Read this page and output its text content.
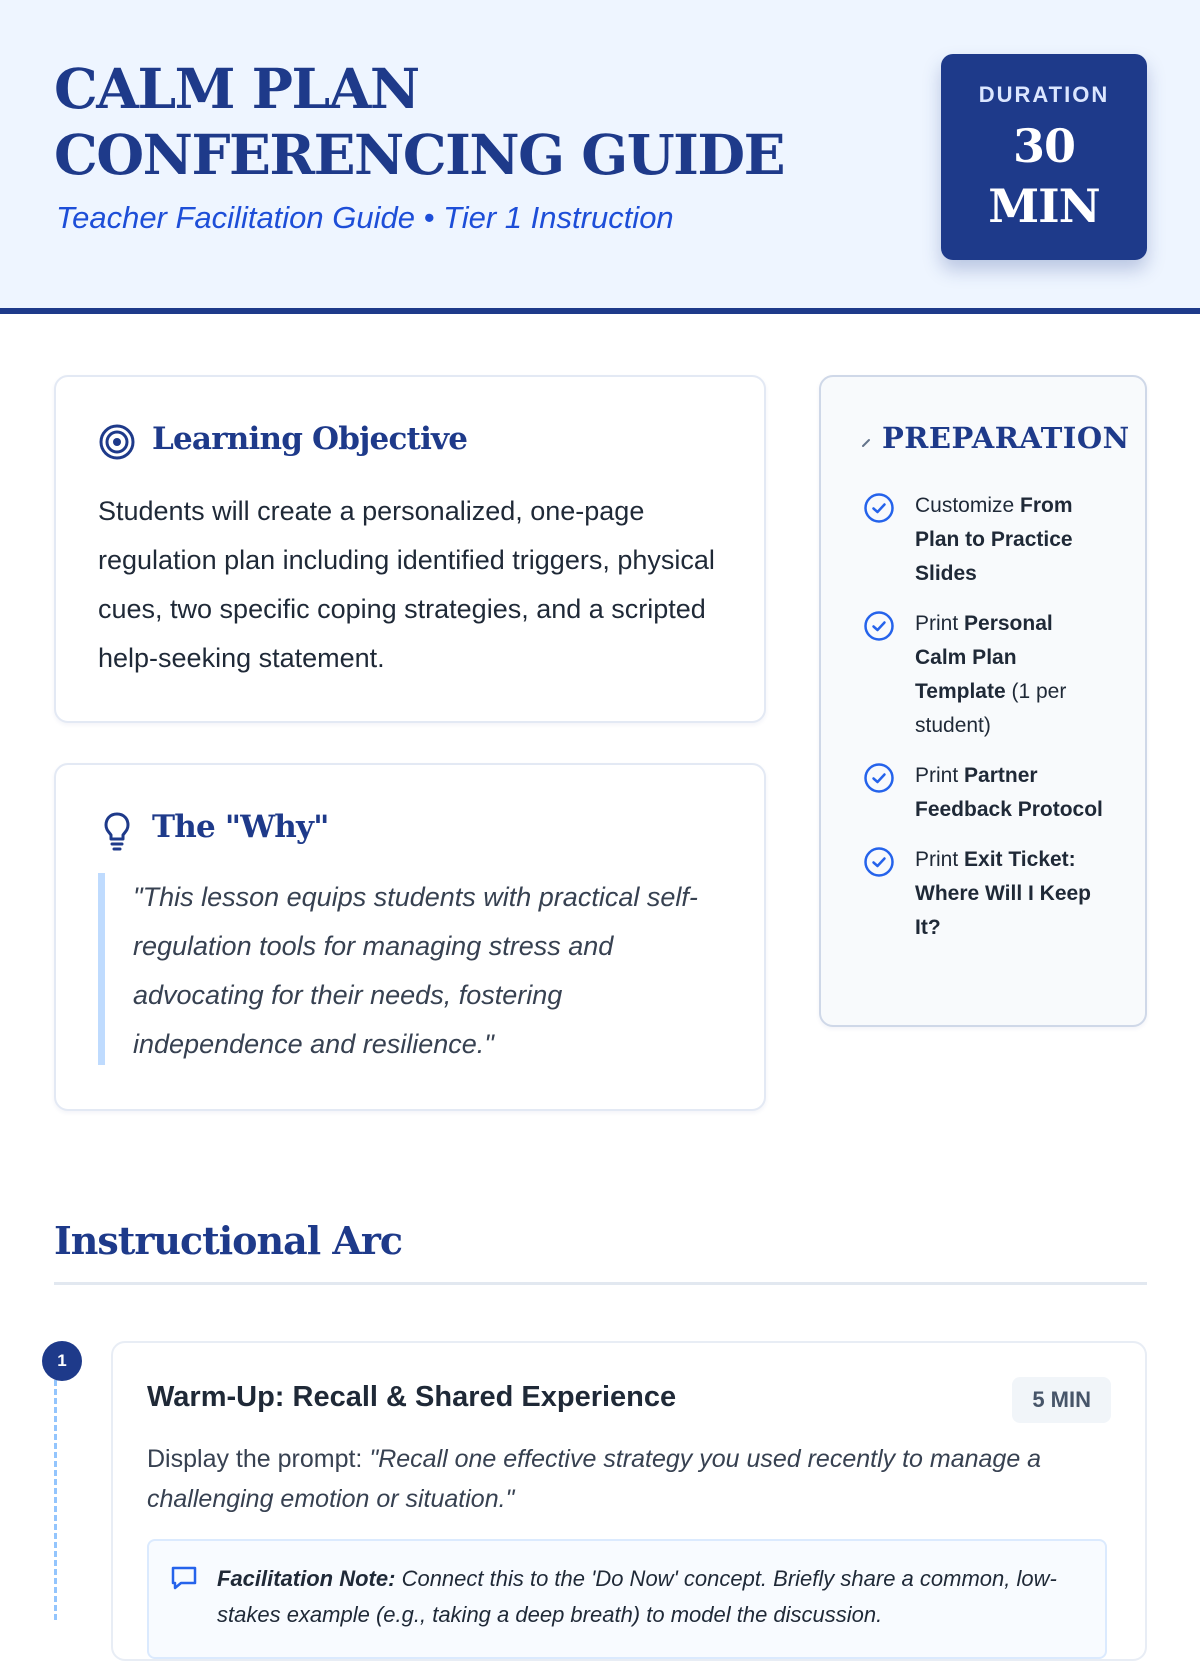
CALM PLAN CONFERENCING GUIDE

Teacher Facilitation Guide • Tier 1 Instruction

DURATION
30
MIN
Learning Objective

Students will create a personalized, one-page regulation plan including identified triggers, physical cues, two specific coping strategies, and a scripted help-seeking statement.

The "Why"
"This lesson equips students with practical self-regulation tools for managing stress and advocating for their needs, fostering independence and resilience."
PREPARATION
Customize From Plan to Practice Slides
Print Personal Calm Plan Template (1 per student)
Print Partner Feedback Protocol
Print Exit Ticket: Where Will I Keep It?
Instructional Arc
1
Warm-Up: Recall & Shared Experience	5 MIN

Display the prompt: "Recall one effective strategy you used recently to manage a challenging emotion or situation."

Facilitation Note: Connect this to the 'Do Now' concept. Briefly share a common, low-stakes example (e.g., taking a deep breath) to model the discussion.
